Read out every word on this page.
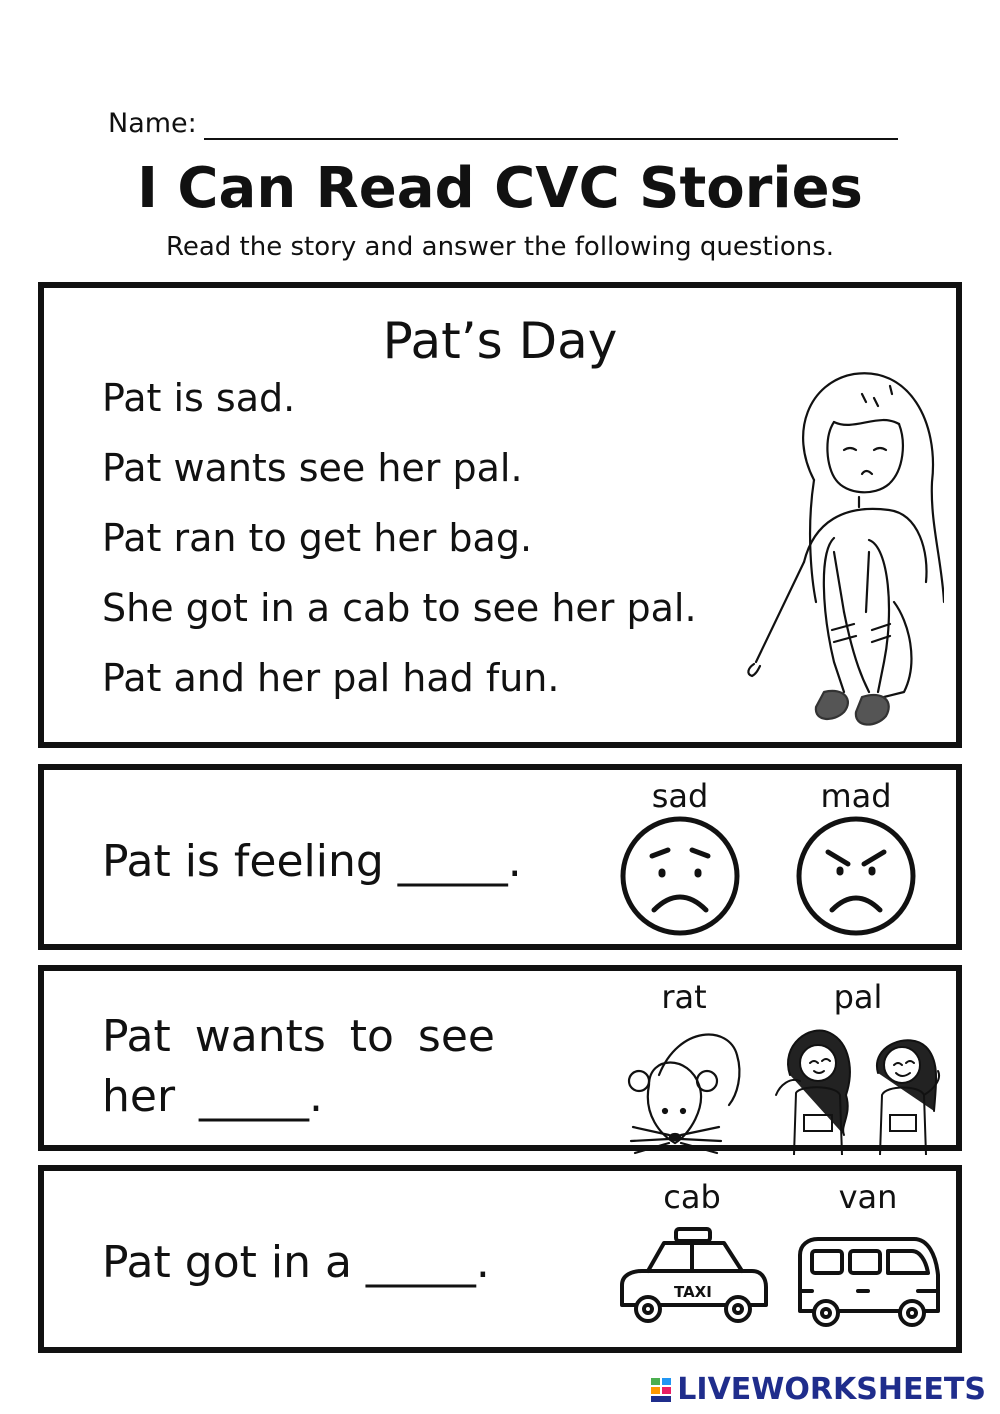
Name:
I Can Read CVC Stories
Read the story and answer the following questions.
Pat’s Day
Pat is sad.
Pat wants see her pal.
Pat ran to get her bag.
She got in a cab to see her pal.
Pat and her pal had fun.
Pat is feeling _____.
sad	mad
Pat wants to see her _____.
rat	pal
Pat got in a _____.
cab
TAXI
van
LIVEWORKSHEETS
